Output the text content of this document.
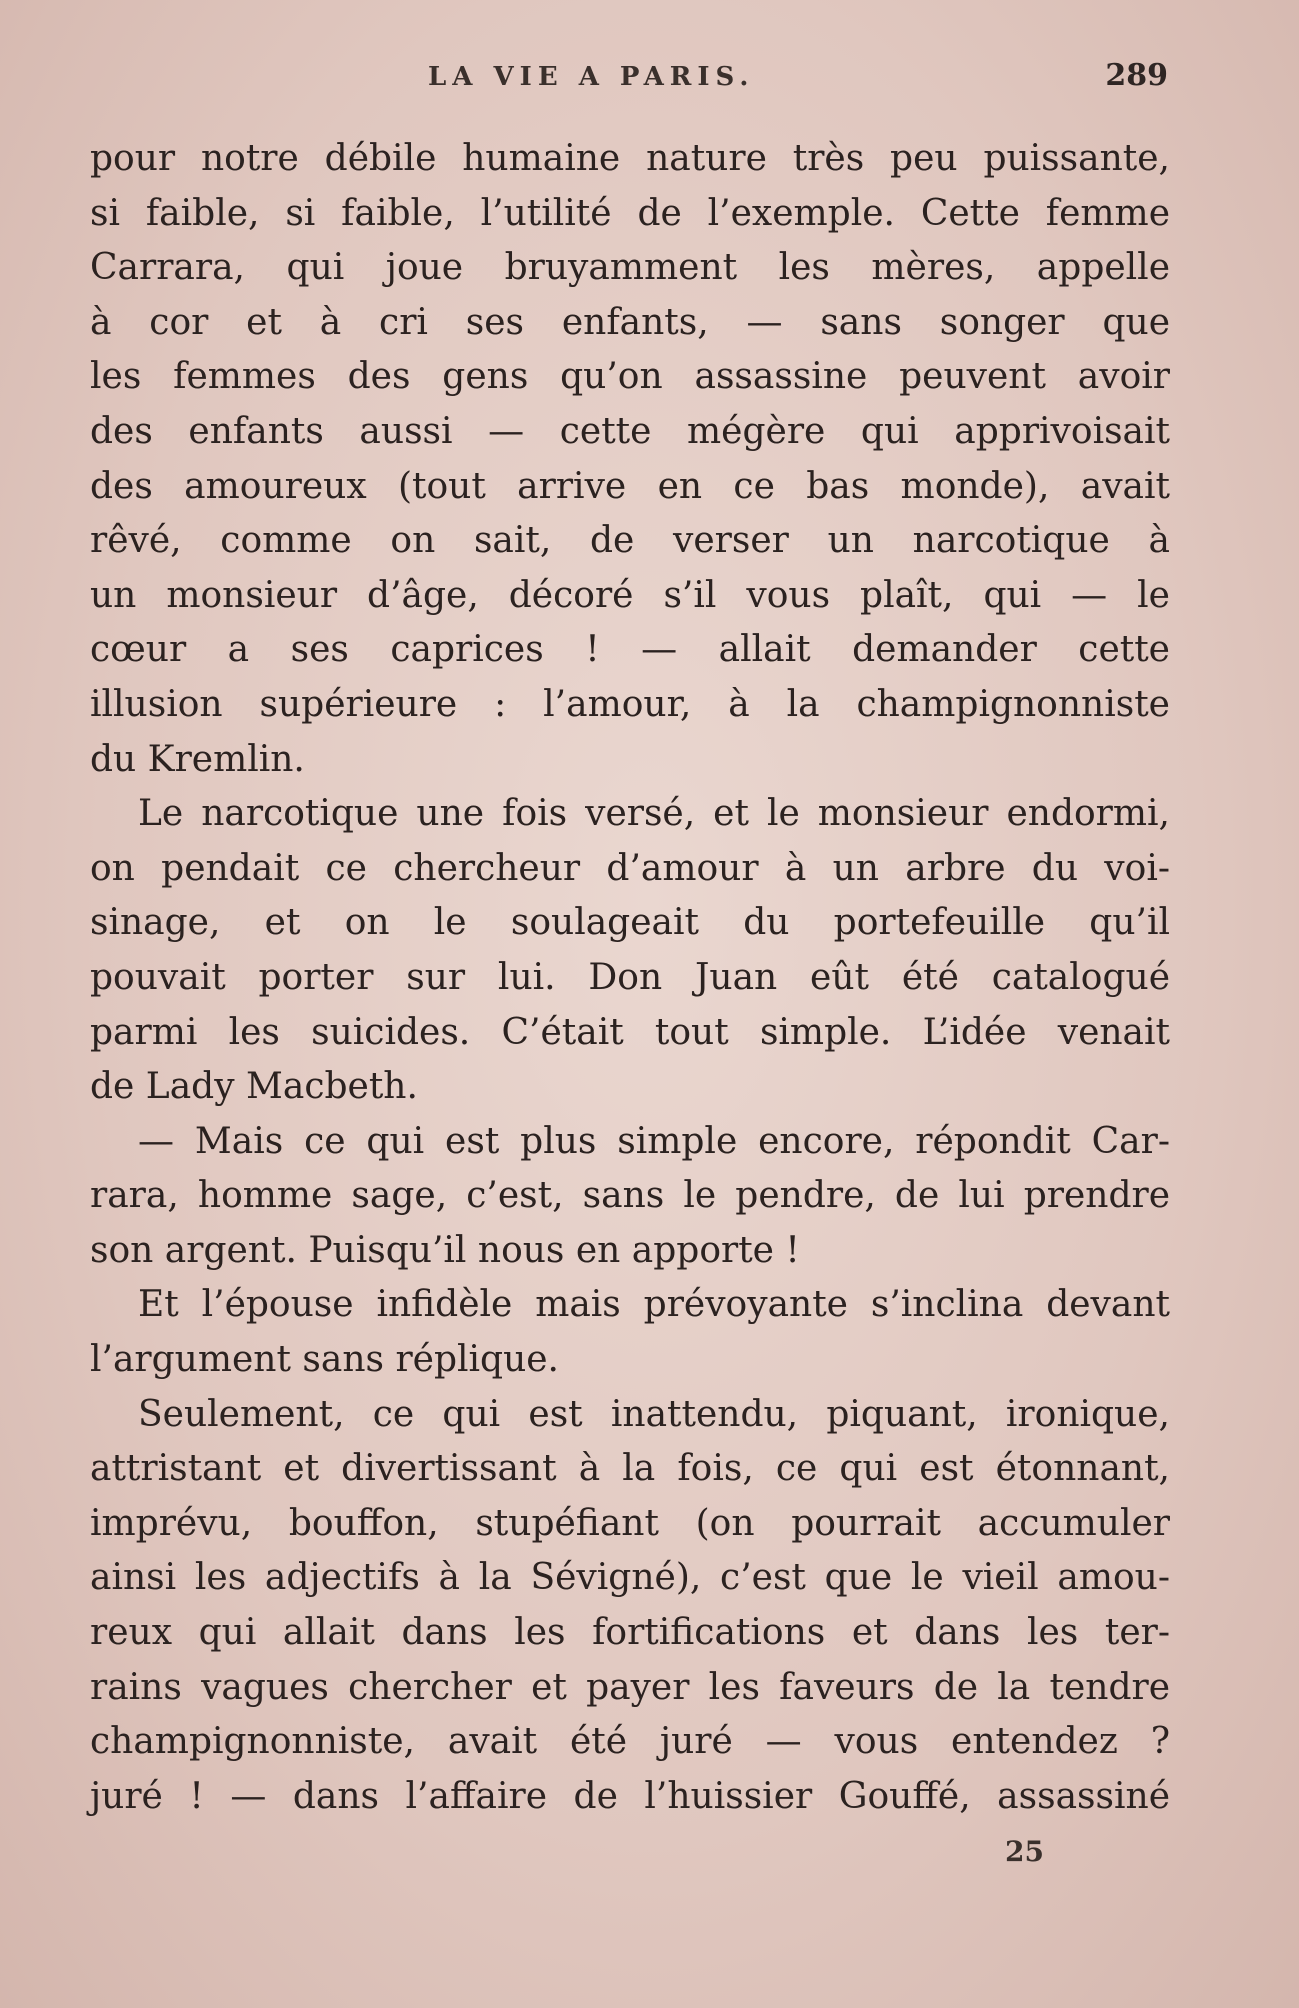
LA VIE A PARIS.	289
pour notre débile humaine nature très peu puissante,
si faible, si faible, l’utilité de l’exemple. Cette femme
Carrara, qui joue bruyamment les mères, appelle
à cor et à cri ses enfants, — sans songer que
les femmes des gens qu’on assassine peuvent avoir
des enfants aussi — cette mégère qui apprivoisait
des amoureux (tout arrive en ce bas monde), avait
rêvé, comme on sait, de verser un narcotique à
un monsieur d’âge, décoré s’il vous plaît, qui — le
cœur a ses caprices ! — allait demander cette
illusion supérieure : l’amour, à la champignonniste
du Kremlin.
Le narcotique une fois versé, et le monsieur endormi,
on pendait ce chercheur d’amour à un arbre du voi-
sinage, et on le soulageait du portefeuille qu’il
pouvait porter sur lui. Don Juan eût été catalogué
parmi les suicides. C’était tout simple. L’idée venait
de Lady Macbeth.
— Mais ce qui est plus simple encore, répondit Car-
rara, homme sage, c’est, sans le pendre, de lui prendre
son argent. Puisqu’il nous en apporte !
Et l’épouse infidèle mais prévoyante s’inclina devant
l’argument sans réplique.
Seulement, ce qui est inattendu, piquant, ironique,
attristant et divertissant à la fois, ce qui est étonnant,
imprévu, bouffon, stupéfiant (on pourrait accumuler
ainsi les adjectifs à la Sévigné), c’est que le vieil amou-
reux qui allait dans les fortifications et dans les ter-
rains vagues chercher et payer les faveurs de la tendre
champignonniste, avait été juré — vous entendez ?
juré ! — dans l’affaire de l’huissier Gouffé, assassiné
25
